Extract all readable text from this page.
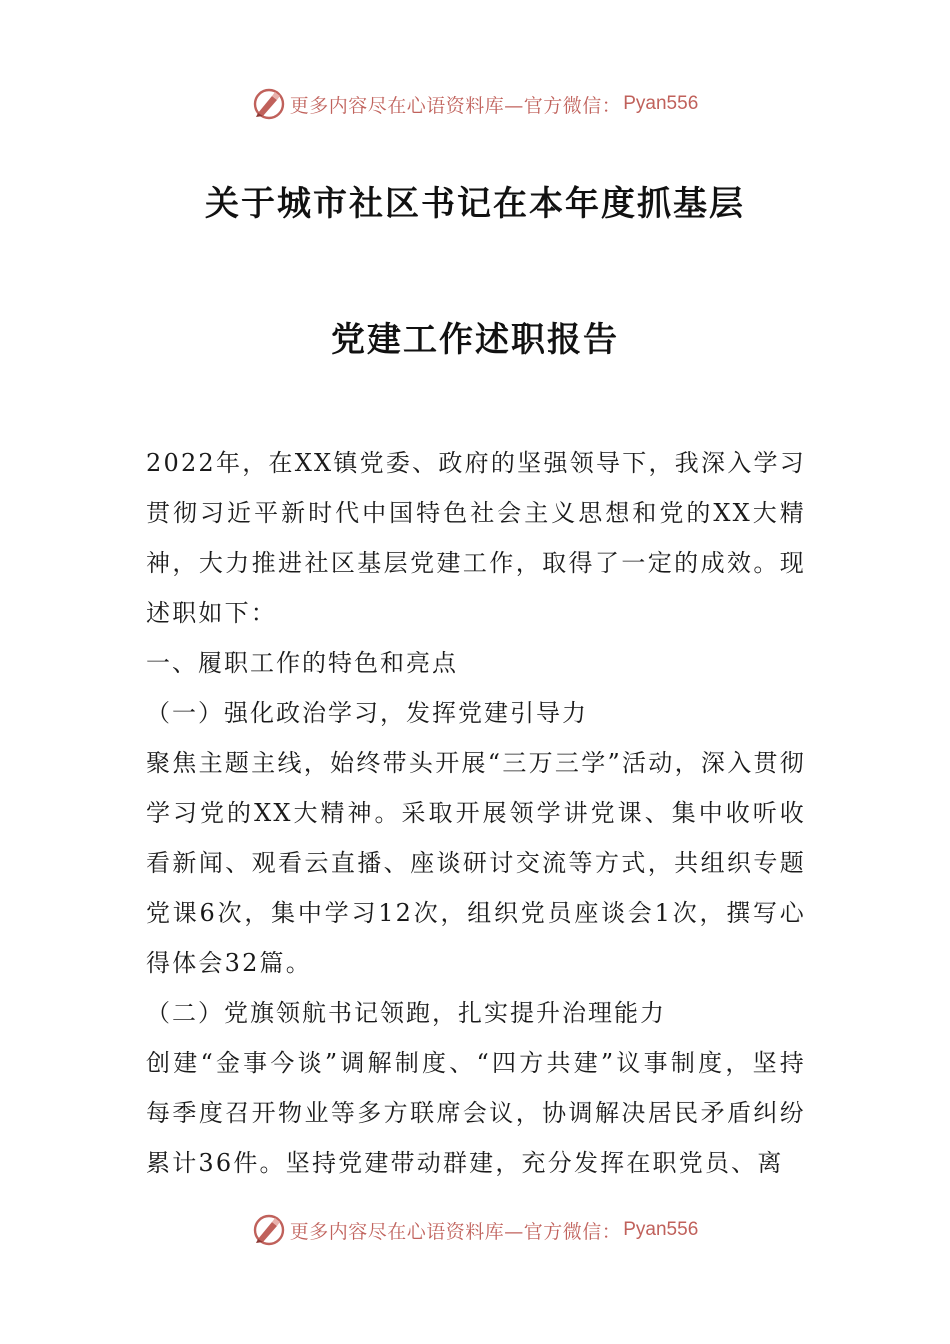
更多内容尽在心语资料库—官方微信： Pyan556
关于城市社区书记在本年度抓基层
党建工作述职报告

2022年，在XX镇党委、政府的坚强领导下，我深入学习贯彻习近平新时代中国特色社会主义思想和党的XX大精神，大力推进社区基层党建工作，取得了一定的成效。现述职如下：

一、履职工作的特色和亮点

（一）强化政治学习，发挥党建引导力

聚焦主题主线，始终带头开展“三万三学”活动，深入贯彻学习党的XX大精神。采取开展领学讲党课、集中收听收看新闻、观看云直播、座谈研讨交流等方式，共组织专题党课6次，集中学习12次，组织党员座谈会1次，撰写心得体会32篇。

（二）党旗领航书记领跑，扎实提升治理能力

创建“金事今谈”调解制度、“四方共建”议事制度，坚持每季度召开物业等多方联席会议，协调解决居民矛盾纠纷累计36件。坚持党建带动群建，充分发挥在职党员、离

更多内容尽在心语资料库—官方微信： Pyan556
